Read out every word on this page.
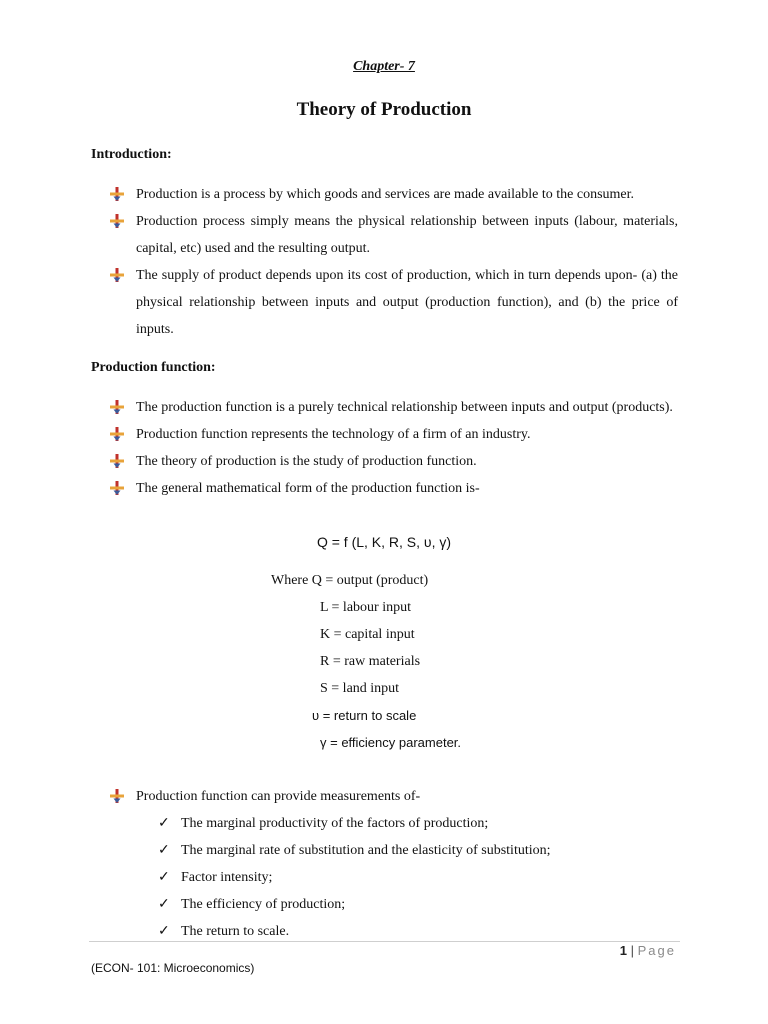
Chapter- 7
Theory of Production
Introduction:
Production is a process by which goods and services are made available to the consumer.
Production process simply means the physical relationship between inputs (labour, materials, capital, etc) used and the resulting output.
The supply of product depends upon its cost of production, which in turn depends upon- (a) the physical relationship between inputs and output (production function), and (b) the price of inputs.
Production function:
The production function is a purely technical relationship between inputs and output (products).
Production function represents the technology of a firm of an industry.
The theory of production is the study of production function.
The general mathematical form of the production function is-
Q = f (L, K, R, S, υ, γ)
Where Q = output (product)
L = labour input
K = capital input
R = raw materials
S = land input
υ = return to scale
γ = efficiency parameter.
Production function can provide measurements of-
✓ The marginal productivity of the factors of production;
✓ The marginal rate of substitution and the elasticity of substitution;
✓ Factor intensity;
✓ The efficiency of production;
✓ The return to scale.
1 | Page
(ECON- 101: Microeconomics)
